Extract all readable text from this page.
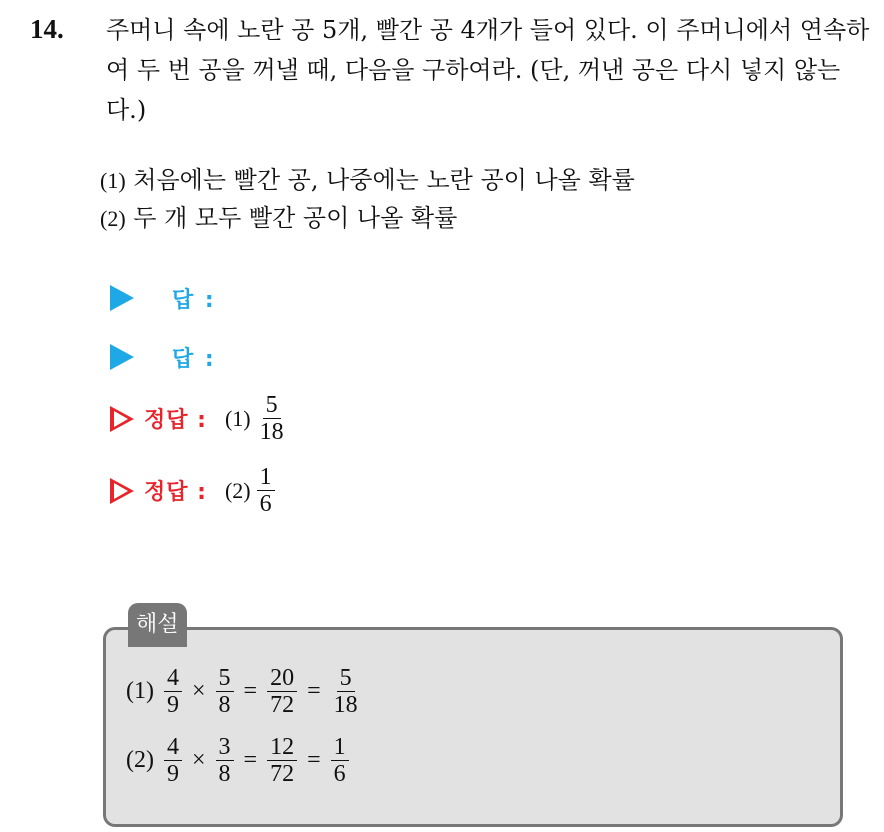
14. 주머니 속에 노란 공 5개, 빨간 공 4개가 들어 있다. 이 주머니에서 연속하여 두 번 공을 꺼낼 때, 다음을 구하여라. (단, 꺼낸 공은 다시 넣지 않는다.)
(1) 처음에는 빨간 공, 나중에는 노란 공이 나올 확률
(2) 두 개 모두 빨간 공이 나올 확률
답 :
답 :
정답 : $(1) \frac{5}{18}$
정답 : $(2) \frac{1}{6}$
해설
$(1) \frac{4}{9} \times \frac{5}{8} = \frac{20}{72} = \frac{5}{18}$
$(2) \frac{4}{9} \times \frac{3}{8} = \frac{12}{72} = \frac{1}{6}$
